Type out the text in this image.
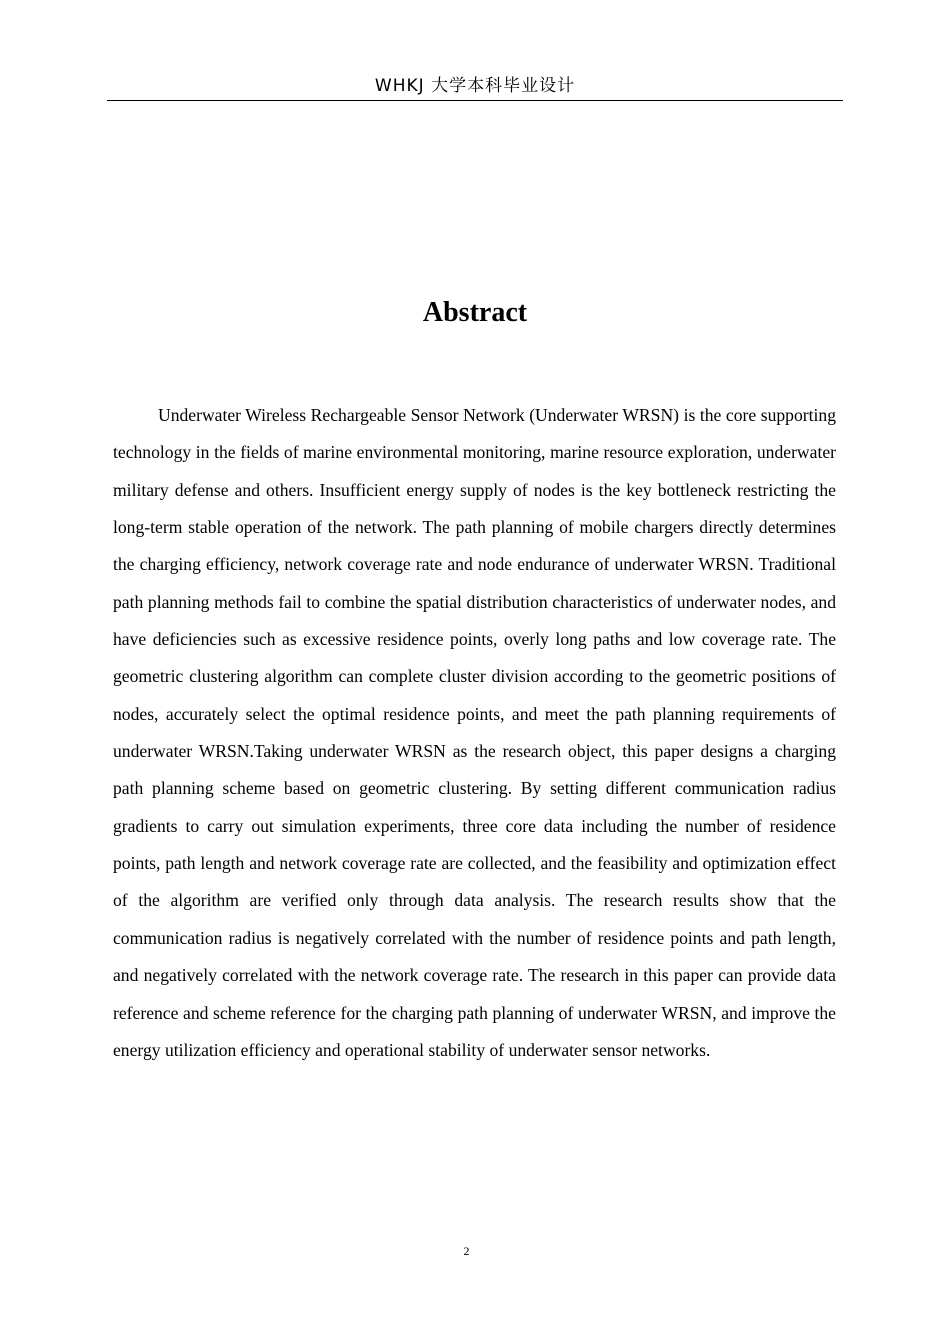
WHKJ 大学本科毕业设计
Abstract

Underwater Wireless Rechargeable Sensor Network (Underwater WRSN) is the core supporting technology in the fields of marine environmental monitoring, marine resource exploration, underwater military defense and others. Insufficient energy supply of nodes is the key bottleneck restricting the long-term stable operation of the network. The path planning of mobile chargers directly determines the charging efficiency, network coverage rate and node endurance of underwater WRSN. Traditional path planning methods fail to combine the spatial distribution characteristics of underwater nodes, and have deficiencies such as excessive residence points, overly long paths and low coverage rate. The geometric clustering algorithm can complete cluster division according to the geometric positions of nodes, accurately select the optimal residence points, and meet the path planning requirements of underwater WRSN.Taking underwater WRSN as the research object, this paper designs a charging path planning scheme based on geometric clustering. By setting different communication radius gradients to carry out simulation experiments, three core data including the number of residence points, path length and network coverage rate are collected, and the feasibility and optimization effect of the algorithm are verified only through data analysis. The research results show that the communication radius is negatively correlated with the number of residence points and path length, and negatively correlated with the network coverage rate. The research in this paper can provide data reference and scheme reference for the charging path planning of underwater WRSN, and improve the energy utilization efficiency and operational stability of underwater sensor networks.

2
